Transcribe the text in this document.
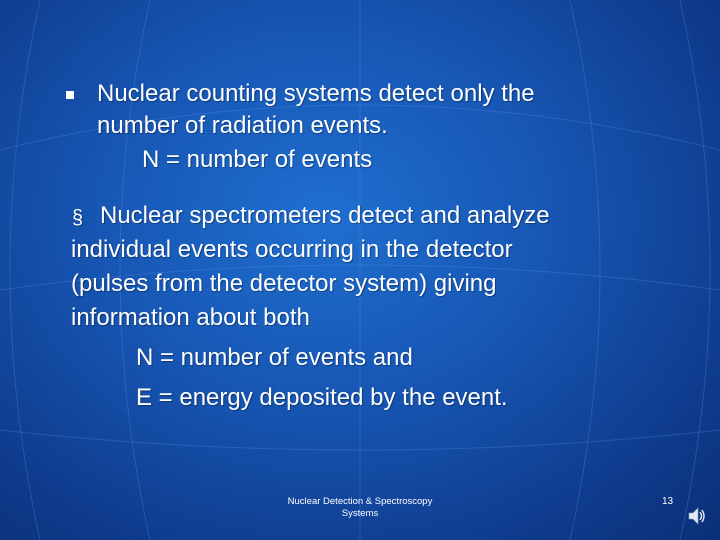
Nuclear counting systems detect only the
number of radiation events.
N = number of events
§ Nuclear spectrometers detect and analyze
individual events occurring in the detector
(pulses from the detector system) giving
information about both
N = number of events and
E = energy deposited by the event.
Nuclear Detection & Spectroscopy
Systems
13
